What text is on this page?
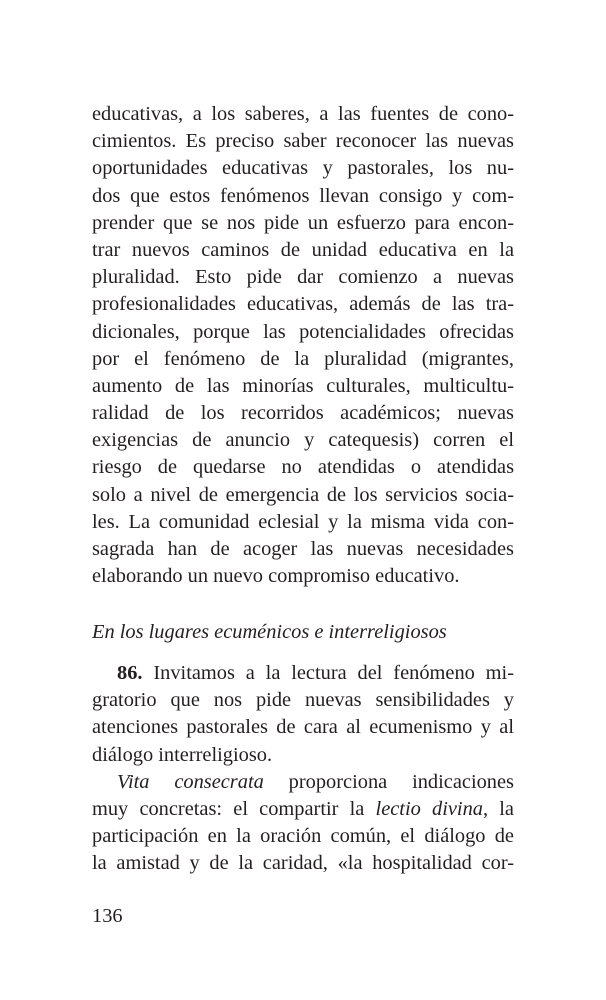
educativas, a los saberes, a las fuentes de cono-
cimientos. Es preciso saber reconocer las nuevas
oportunidades educativas y pastorales, los nu-
dos que estos fenómenos llevan consigo y com-
prender que se nos pide un esfuerzo para encon-
trar nuevos caminos de unidad educativa en la
pluralidad. Esto pide dar comienzo a nuevas
profesionalidades educativas, además de las tra-
dicionales, porque las potencialidades ofrecidas
por el fenómeno de la pluralidad (migrantes,
aumento de las minorías culturales, multicultu-
ralidad de los recorridos académicos; nuevas
exigencias de anuncio y catequesis) corren el
riesgo de quedarse no atendidas o atendidas
solo a nivel de emergencia de los servicios socia-
les. La comunidad eclesial y la misma vida con-
sagrada han de acoger las nuevas necesidades
elaborando un nuevo compromiso educativo.
En los lugares ecuménicos e interreligiosos
86. Invitamos a la lectura del fenómeno mi-
gratorio que nos pide nuevas sensibilidades y
atenciones pastorales de cara al ecumenismo y al
diálogo interreligioso.
Vita consecrata proporciona indicaciones
muy concretas: el compartir la lectio divina, la
participación en la oración común, el diálogo de
la amistad y de la caridad, «la hospitalidad cor-
136
